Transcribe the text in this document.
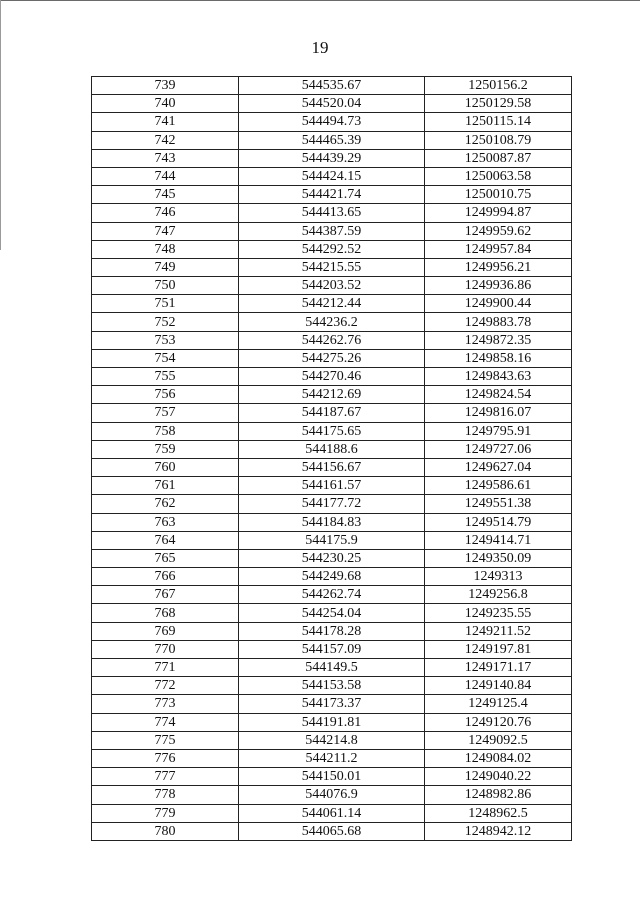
19
739	544535.67	1250156.2
740	544520.04	1250129.58
741	544494.73	1250115.14
742	544465.39	1250108.79
743	544439.29	1250087.87
744	544424.15	1250063.58
745	544421.74	1250010.75
746	544413.65	1249994.87
747	544387.59	1249959.62
748	544292.52	1249957.84
749	544215.55	1249956.21
750	544203.52	1249936.86
751	544212.44	1249900.44
752	544236.2	1249883.78
753	544262.76	1249872.35
754	544275.26	1249858.16
755	544270.46	1249843.63
756	544212.69	1249824.54
757	544187.67	1249816.07
758	544175.65	1249795.91
759	544188.6	1249727.06
760	544156.67	1249627.04
761	544161.57	1249586.61
762	544177.72	1249551.38
763	544184.83	1249514.79
764	544175.9	1249414.71
765	544230.25	1249350.09
766	544249.68	1249313
767	544262.74	1249256.8
768	544254.04	1249235.55
769	544178.28	1249211.52
770	544157.09	1249197.81
771	544149.5	1249171.17
772	544153.58	1249140.84
773	544173.37	1249125.4
774	544191.81	1249120.76
775	544214.8	1249092.5
776	544211.2	1249084.02
777	544150.01	1249040.22
778	544076.9	1248982.86
779	544061.14	1248962.5
780	544065.68	1248942.12
